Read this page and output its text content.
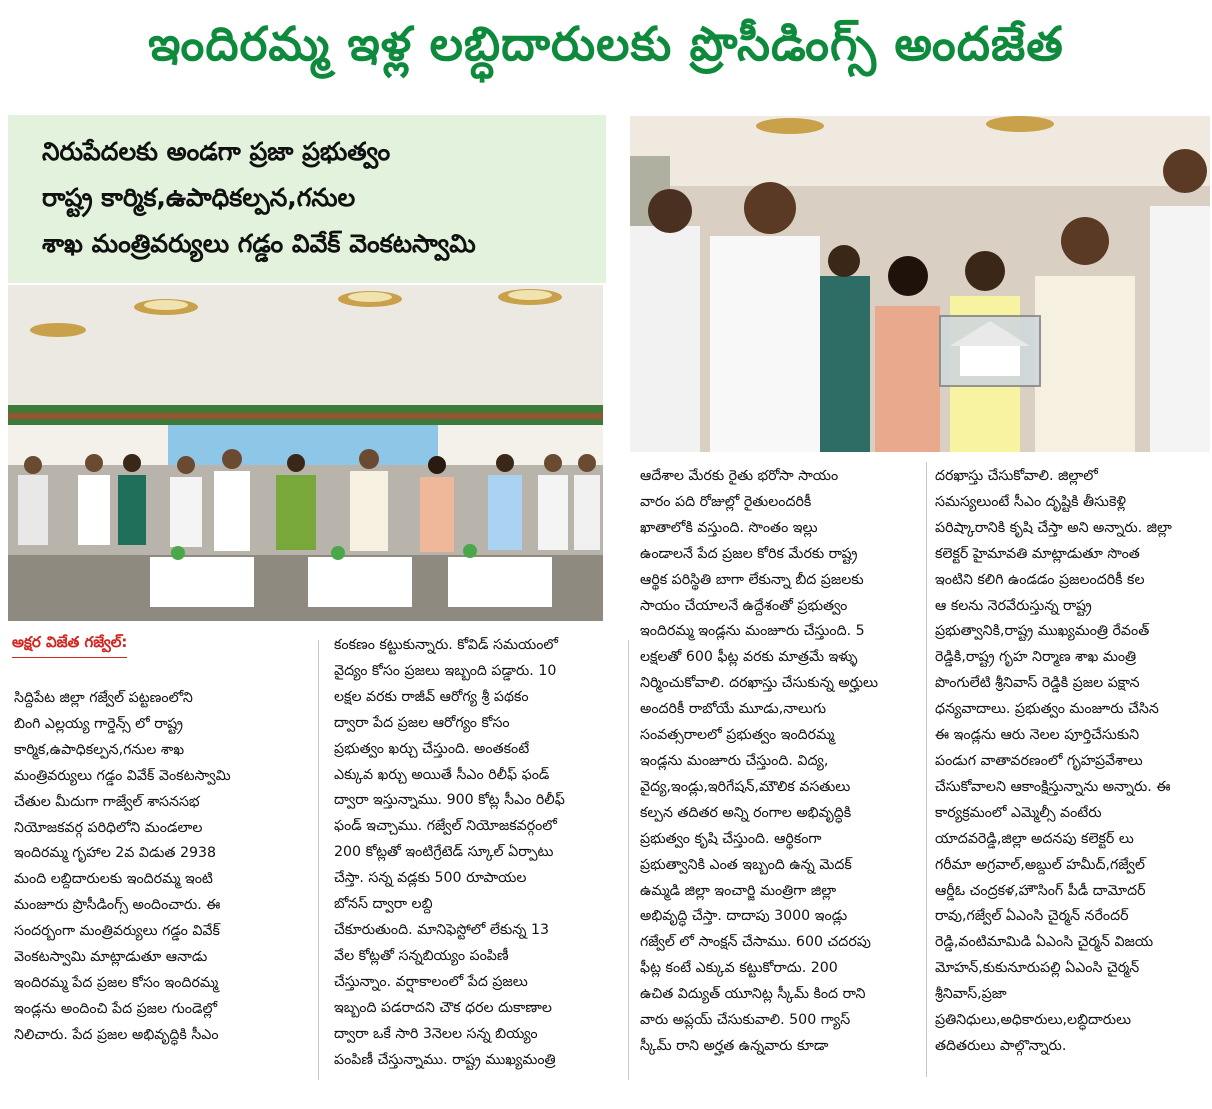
ఇందిరమ్మ ఇళ్ల లబ్ధిదారులకు ప్రొసీడింగ్స్ అందజేత
నిరుపేదలకు అండగా ప్రజా ప్రభుత్వం
రాష్ట్ర కార్మిక,ఉపాధికల్పన,గనుల
శాఖ మంత్రివర్యులు గడ్డం వివేక్ వెంకటస్వామి
అక్షర విజేత గజ్వేల్:
సిద్దిపేట జిల్లా గజ్వేల్ పట్టణంలోని
బింగి ఎల్లయ్య గార్డెన్స్ లో రాష్ట్ర
కార్మిక,ఉపాధికల్పన,గనుల శాఖ
మంత్రివర్యులు గడ్డం వివేక్ వెంకటస్వామి
చేతుల మీదుగా గాజ్వేల్ శాసనసభ
నియోజకవర్గ పరిధిలోని మండలాల
ఇందిరమ్మ గృహాల 2వ విడుత 2938
మంది లబ్దిదారులకు ఇందిరమ్మ ఇంటి
మంజూరు ప్రొసీడింగ్స్ అందించారు. ఈ
సందర్బంగా మంత్రివర్యులు గడ్డం వివేక్
వెంకటస్వామి మాట్లాడుతూ ఆనాడు
ఇందిరమ్మ పేద ప్రజల కోసం ఇందిరమ్మ
ఇండ్లను అందించి పేద ప్రజల గుండెల్లో
నిలిచారు. పేద ప్రజల అభివృద్ధికి సీఎం
కంకణం కట్టుకున్నారు. కోవిడ్ సమయంలో
వైద్యం కోసం ప్రజలు ఇబ్బంది పడ్డారు. 10
లక్షల వరకు రాజీవ్ ఆరోగ్య శ్రీ పథకం
ద్వారా పేద ప్రజల ఆరోగ్యం కోసం
ప్రభుత్వం ఖర్చు చేస్తుంది. అంతకంటే
ఎక్కువ ఖర్చు అయితే సీఎం రిలీఫ్ ఫండ్
ద్వారా ఇస్తున్నాము. 900 కోట్ల సీఎం రిలీఫ్
ఫండ్ ఇచ్చాము. గజ్వేల్ నియోజకవర్గంలో
200 కోట్లతో ఇంటిగ్రేటెడ్ స్కూల్ ఏర్పాటు
చేస్తా. సన్న వడ్లకు 500 రూపాయల
బోనస్ ద్వారా లబ్ది
చేకూరుతుంది. మానిఫెస్టోలో లేకున్న 13
వేల కోట్లతో సన్నబియ్యం పంపిణీ
చేస్తున్నాం. వర్షాకాలంలో పేద ప్రజలు
ఇబ్బంది పడరాదని చౌక ధరల దుకాణాల
ద్వారా ఒకే సారి 3నెలల సన్న బియ్యం
పంపిణీ చేస్తున్నాము. రాష్ట్ర ముఖ్యమంత్రి
ఆదేశాల మేరకు రైతు భరోసా సాయం
వారం పది రోజుల్లో రైతులందరికీ
ఖాతాలోకి వస్తుంది. సొంతం ఇల్లు
ఉండాలనే పేద ప్రజల కోరిక మేరకు రాష్ట్ర
ఆర్థిక పరిస్థితి బాగా లేకున్నా బీద ప్రజలకు
సాయం చేయాలనే ఉద్దేశంతో ప్రభుత్వం
ఇందిరమ్మ ఇండ్లను మంజూరు చేస్తుంది. 5
లక్షలతో 600 ఫీట్ల వరకు మాత్రమే ఇళ్ళు
నిర్మించుకోవాలి. దరఖాస్తు చేసుకున్న అర్హులు
అందరికీ రాబోయే మూడు,నాలుగు
సంవత్సరాలలో ప్రభుత్వం ఇందిరమ్మ
ఇండ్లను మంజూరు చేస్తుంది. విద్య,
వైద్య,ఇండ్లు,ఇరిగేషన్,మౌలిక వసతులు
కల్పన తదితర అన్ని రంగాల అభివృద్ధికి
ప్రభుత్వం కృషి చేస్తుంది. ఆర్థికంగా
ప్రభుత్వానికి ఎంత ఇబ్బంది ఉన్న మెదక్
ఉమ్మడి జిల్లా ఇంచార్జి మంత్రిగా జిల్లా
అభివృద్ధి చేస్తా. దాదాపు 3000 ఇండ్లు
గజ్వేల్ లో సాంక్షన్ చేసాము. 600 చదరపు
ఫీట్ల కంటే ఎక్కువ కట్టుకోరాదు. 200
ఉచిత విద్యుత్ యూనిట్ల స్కీమ్ కింద రాని
వారు అప్లయ్ చేసుకువాలి. 500 గ్యాస్
స్కీమ్ రాని అర్హత ఉన్నవారు కూడా
దరఖాస్తు చేసుకోవాలి. జిల్లాలో
సమస్యలుంటే సీఎం దృష్టికి తీసుకెళ్లి
పరిష్కారానికి కృషి చేస్తా అని అన్నారు. జిల్లా
కలెక్టర్ హైమావతి మాట్లాడుతూ సొంత
ఇంటిని కలిగి ఉండడం ప్రజలందరికీ కల
ఆ కలను నెరవేరుస్తున్న రాష్ట్ర
ప్రభుత్వానికి,రాష్ట్ర ముఖ్యమంత్రి రేవంత్
రెడ్డికి,రాష్ట్ర గృహ నిర్మాణ శాఖ మంత్రి
పొంగులేటి శ్రీనివాస్ రెడ్డికి ప్రజల పక్షాన
ధన్యవాదాలు. ప్రభుత్వం మంజూరు చేసిన
ఈ ఇండ్లను ఆరు నెలల పూర్తిచేసుకుని
పండుగ వాతావరణంలో గృహప్రవేశాలు
చేసుకోవాలని ఆకాంక్షిస్తున్నాను అన్నారు. ఈ
కార్యక్రమంలో ఎమ్మెల్సీ వంటేరు
యాదవరెడ్డి,జిల్లా అదనపు కలెక్టర్ లు
గరీమా అగ్రవాల్,అబ్దుల్ హమీద్,గజ్వేల్
ఆర్డీఓ చంద్రకళ,హౌసింగ్ పీడీ దామోదర్
రావు,గజ్వేల్ ఏఎంసి చైర్మన్ నరేందర్
రెడ్డి,వంటిమామిడి ఏఎంసి చైర్మన్ విజయ
మోహన్,కుకునూరుపల్లి ఏఎంసి చైర్మన్
శ్రీనివాస్,ప్రజా
ప్రతినిధులు,అధికారులు,లబ్ధిదారులు
తదితరులు పాల్గొన్నారు.
